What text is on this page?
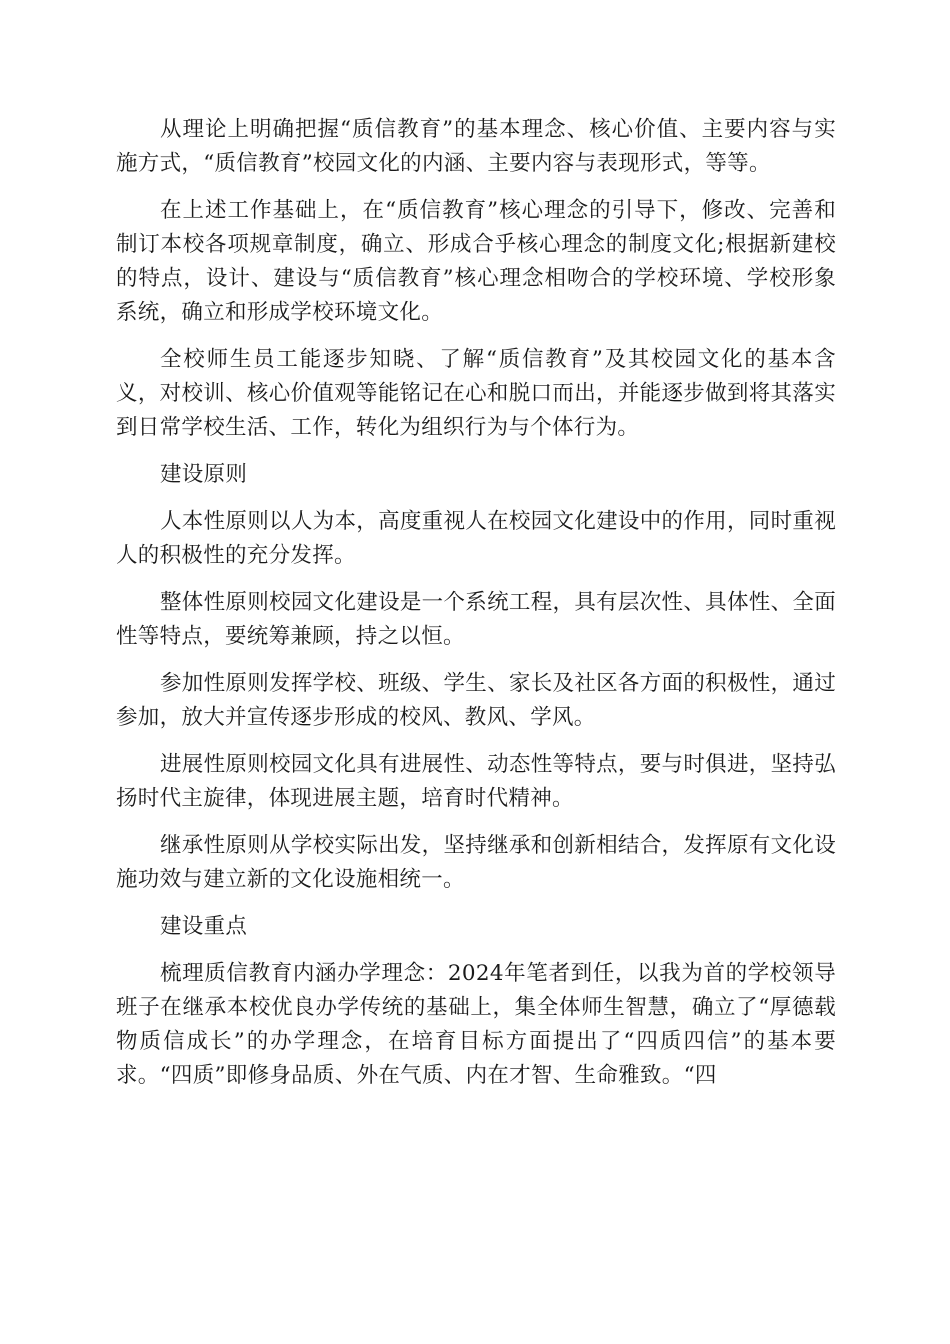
从理论上明确把握“质信教育”的基本理念、核心价值、主要内容与实施方式，“质信教育”校园文化的内涵、主要内容与表现形式，等等。

在上述工作基础上，在“质信教育”核心理念的引导下，修改、完善和制订本校各项规章制度，确立、形成合乎核心理念的制度文化;根据新建校的特点，设计、建设与“质信教育”核心理念相吻合的学校环境、学校形象系统，确立和形成学校环境文化。

全校师生员工能逐步知晓、了解“质信教育”及其校园文化的基本含义，对校训、核心价值观等能铭记在心和脱口而出，并能逐步做到将其落实到日常学校生活、工作，转化为组织行为与个体行为。

建设原则

人本性原则以人为本，高度重视人在校园文化建设中的作用，同时重视人的积极性的充分发挥。

整体性原则校园文化建设是一个系统工程，具有层次性、具体性、全面性等特点，要统筹兼顾，持之以恒。

参加性原则发挥学校、班级、学生、家长及社区各方面的积极性，通过参加，放大并宣传逐步形成的校风、教风、学风。

进展性原则校园文化具有进展性、动态性等特点，要与时俱进，坚持弘扬时代主旋律，体现进展主题，培育时代精神。

继承性原则从学校实际出发，坚持继承和创新相结合，发挥原有文化设施功效与建立新的文化设施相统一。

建设重点

梳理质信教育内涵办学理念：2024年笔者到任，以我为首的学校领导班子在继承本校优良办学传统的基础上，集全体师生智慧，确立了“厚德载物质信成长”的办学理念，在培育目标方面提出了“四质四信”的基本要求。“四质”即修身品质、外在气质、内在才智、生命雅致。“四
